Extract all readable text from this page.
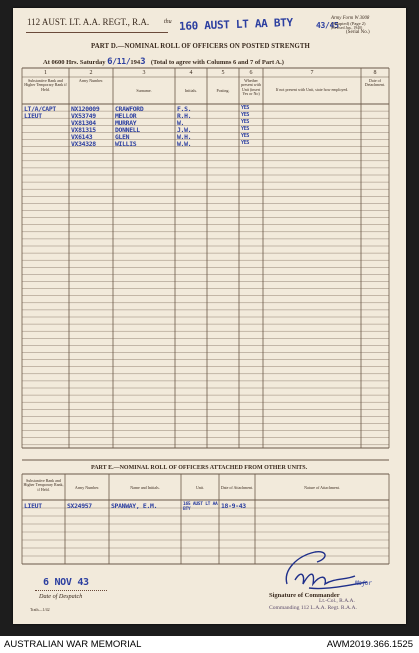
112 AUST. LT. A.A. REGT., R.A. thu 160 AUST LT AA BTY	43/45
Army Form W 3008
(Adapted) (Page 2)
(Revised Jan., 1940)
(Serial No.)
PART D.—NOMINAL ROLL OF OFFICERS ON POSTED STRENGTH
At 0600 Hrs. Saturday 6/11/1943 (Total to agree with Columns 6 and 7 of Part A.)
1
Substantive Rank and Higher Temporary Rank if Held.
2
Army Number.
3
Surname.
4
Initials.
5
Posting.
6
Whether present with Unit (insert Yes or No)
7
If not present with Unit, state how employed.
8
Date of Detachment.
LT/A/CAPT NX120009 CRAWFORD	F.S.	YES
LIEUT	VX53749	MELLOR	R.H.	YES
VX81304	MURRAY	W.	YES
VX81315	DONNELL	J.W.	YES
VX6143	GLEN	W.H.	YES
VX34328	WILLIS	W.W.	YES
PART E.—NOMINAL ROLL OF OFFICERS ATTACHED FROM OTHER UNITS.
Substantive Rank and Higher Temporary Rank, if Held.	Army Number.	Name and Initials.	Unit.	Date of Attachment.	Nature of Attachment.
LIEUT	SX24957	SPANWAY, E.M.	165 AUST LT AA BTY	18-9-43
6 NOV 43
Date of Despatch
Major
Signature of Commander
Lt.-Col., R.A.A.
Commanding 112 L.A.A. Regt. R.A.A.
Trath—1/42
AUSTRALIAN WAR MEMORIAL	AWM2019.366.1525
